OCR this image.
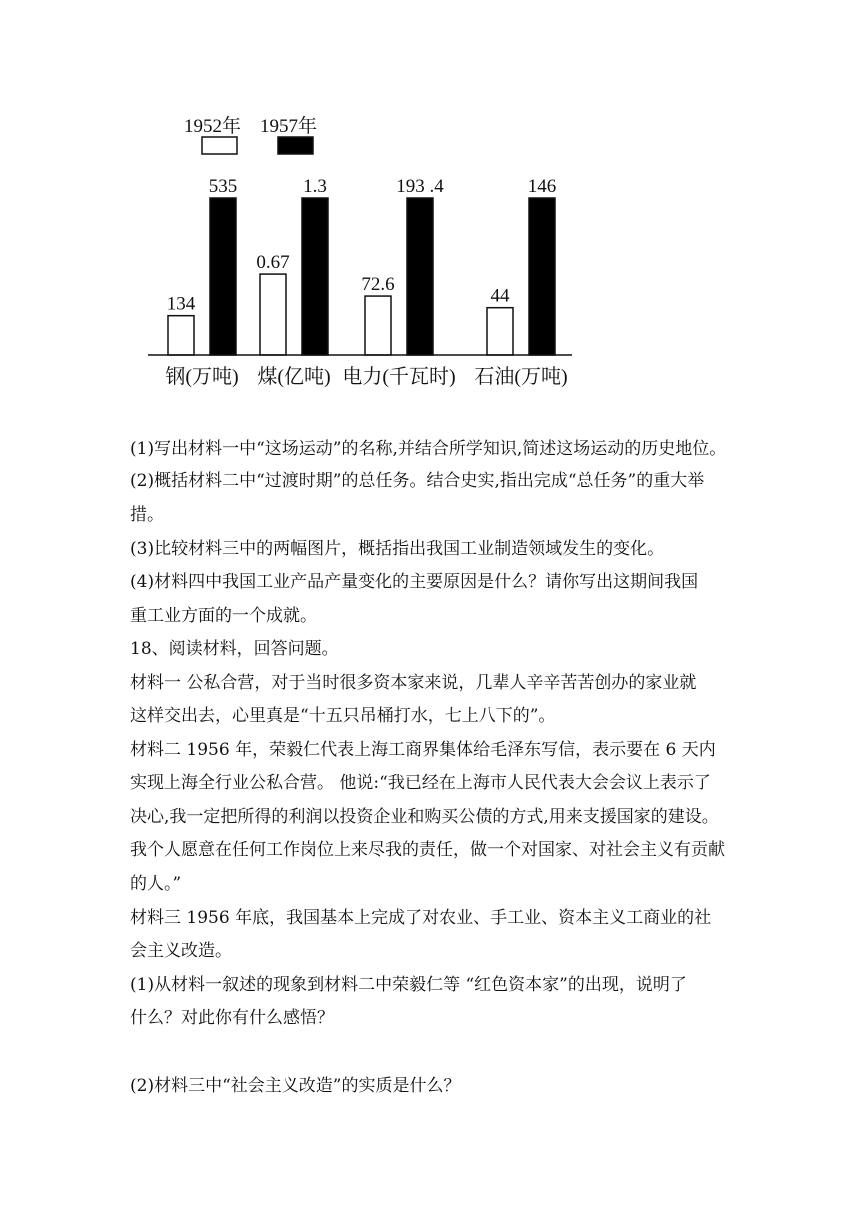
1952年 1957年
134
535
0.67
1.3
72.6
193 .4
44
146
钢(万吨) 煤(亿吨) 电力(千瓦时) 石油(万吨)
(1)写出材料一中“这场运动”的名称,并结合所学知识,简述这场运动的历史地位。
(2)概括材料二中“过渡时期”的总任务。结合史实,指出完成“总任务”的重大举
措。
(3)比较材料三中的两幅图片，概括指出我国工业制造领域发生的变化。
(4)材料四中我国工业产品产量变化的主要原因是什么？请你写出这期间我国
重工业方面的一个成就。
18、阅读材料，回答问题。
材料一 公私合营，对于当时很多资本家来说，几辈人辛辛苦苦创办的家业就
这样交出去，心里真是“十五只吊桶打水，七上八下的”。
材料二 1956 年，荣毅仁代表上海工商界集体给毛泽东写信，表示要在 6 天内
实现上海全行业公私合营。 他说:“我已经在上海市人民代表大会会议上表示了
决心,我一定把所得的利润以投资企业和购买公债的方式,用来支援国家的建设。
我个人愿意在任何工作岗位上来尽我的责任，做一个对国家、对社会主义有贡献
的人。”
材料三 1956 年底，我国基本上完成了对农业、手工业、资本主义工商业的社
会主义改造。
(1)从材料一叙述的现象到材料二中荣毅仁等 “红色资本家”的出现，说明了
什么？对此你有什么感悟？
(2)材料三中“社会主义改造”的实质是什么？
